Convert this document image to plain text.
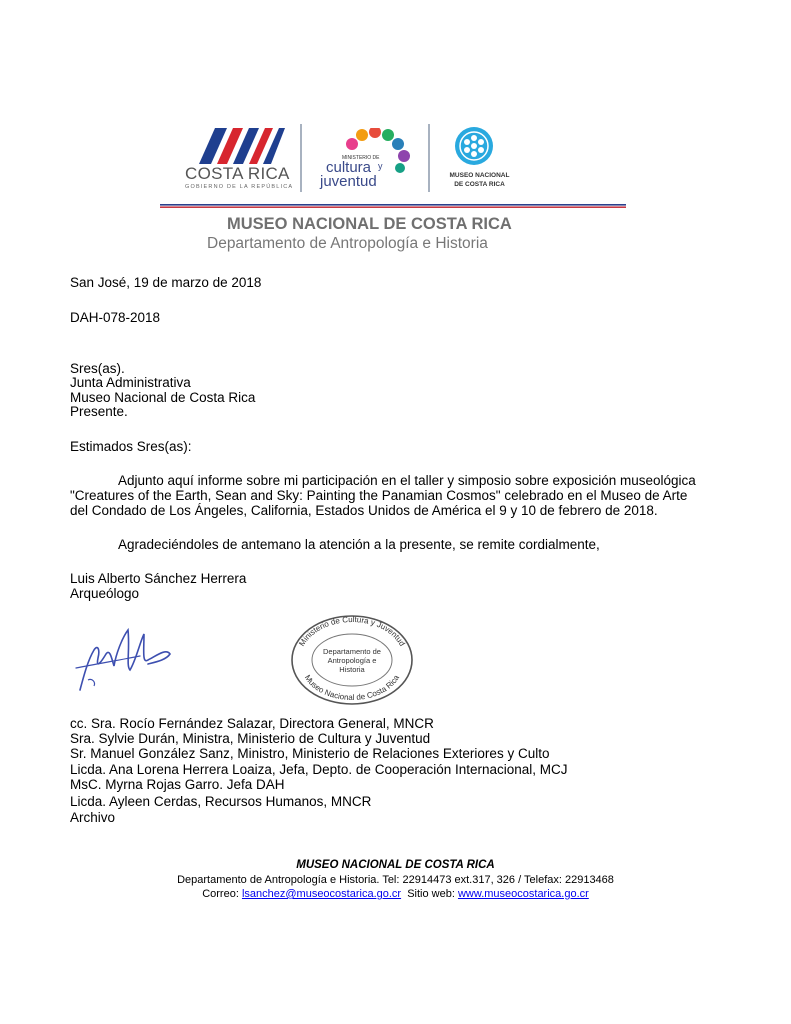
COSTA RICA
GOBIERNO DE LA REPÚBLICA
MINISTERIO DE
cultura y
juventud	MUSEO NACIONAL
DE COSTA RICA
MUSEO NACIONAL DE COSTA RICA
Departamento de Antropología e Historia
San José, 19 de marzo de 2018
DAH-078-2018
Sres(as).
Junta Administrativa
Museo Nacional de Costa Rica
Presente.
Estimados Sres(as):
Adjunto aquí informe sobre mi participación en el taller y simposio sobre exposición museológica
"Creatures of the Earth, Sean and Sky: Painting the Panamian Cosmos" celebrado en el Museo de Arte
del Condado de Los Ángeles, California, Estados Unidos de América el 9 y 10 de febrero de 2018.
Agradeciéndoles de antemano la atención a la presente, se remite cordialmente,
Luis Alberto Sánchez Herrera
Arqueólogo
Ministerio de Cultura y Juventud
Museo Nacional de Costa Rica
Departamento de
Antropología e
Historia
cc. Sra. Rocío Fernández Salazar, Directora General, MNCR
Sra. Sylvie Durán, Ministra, Ministerio de Cultura y Juventud
Sr. Manuel González Sanz, Ministro, Ministerio de Relaciones Exteriores y Culto
Licda. Ana Lorena Herrera Loaiza, Jefa, Depto. de Cooperación Internacional, MCJ
MsC. Myrna Rojas Garro. Jefa DAH
Licda. Ayleen Cerdas, Recursos Humanos, MNCR
Archivo
MUSEO NACIONAL DE COSTA RICA
Departamento de Antropología e Historia. Tel: 22914473 ext.317, 326 / Telefax: 22913468
Correo: lsanchez@museocostarica.go.cr Sitio web: www.museocostarica.go.cr
